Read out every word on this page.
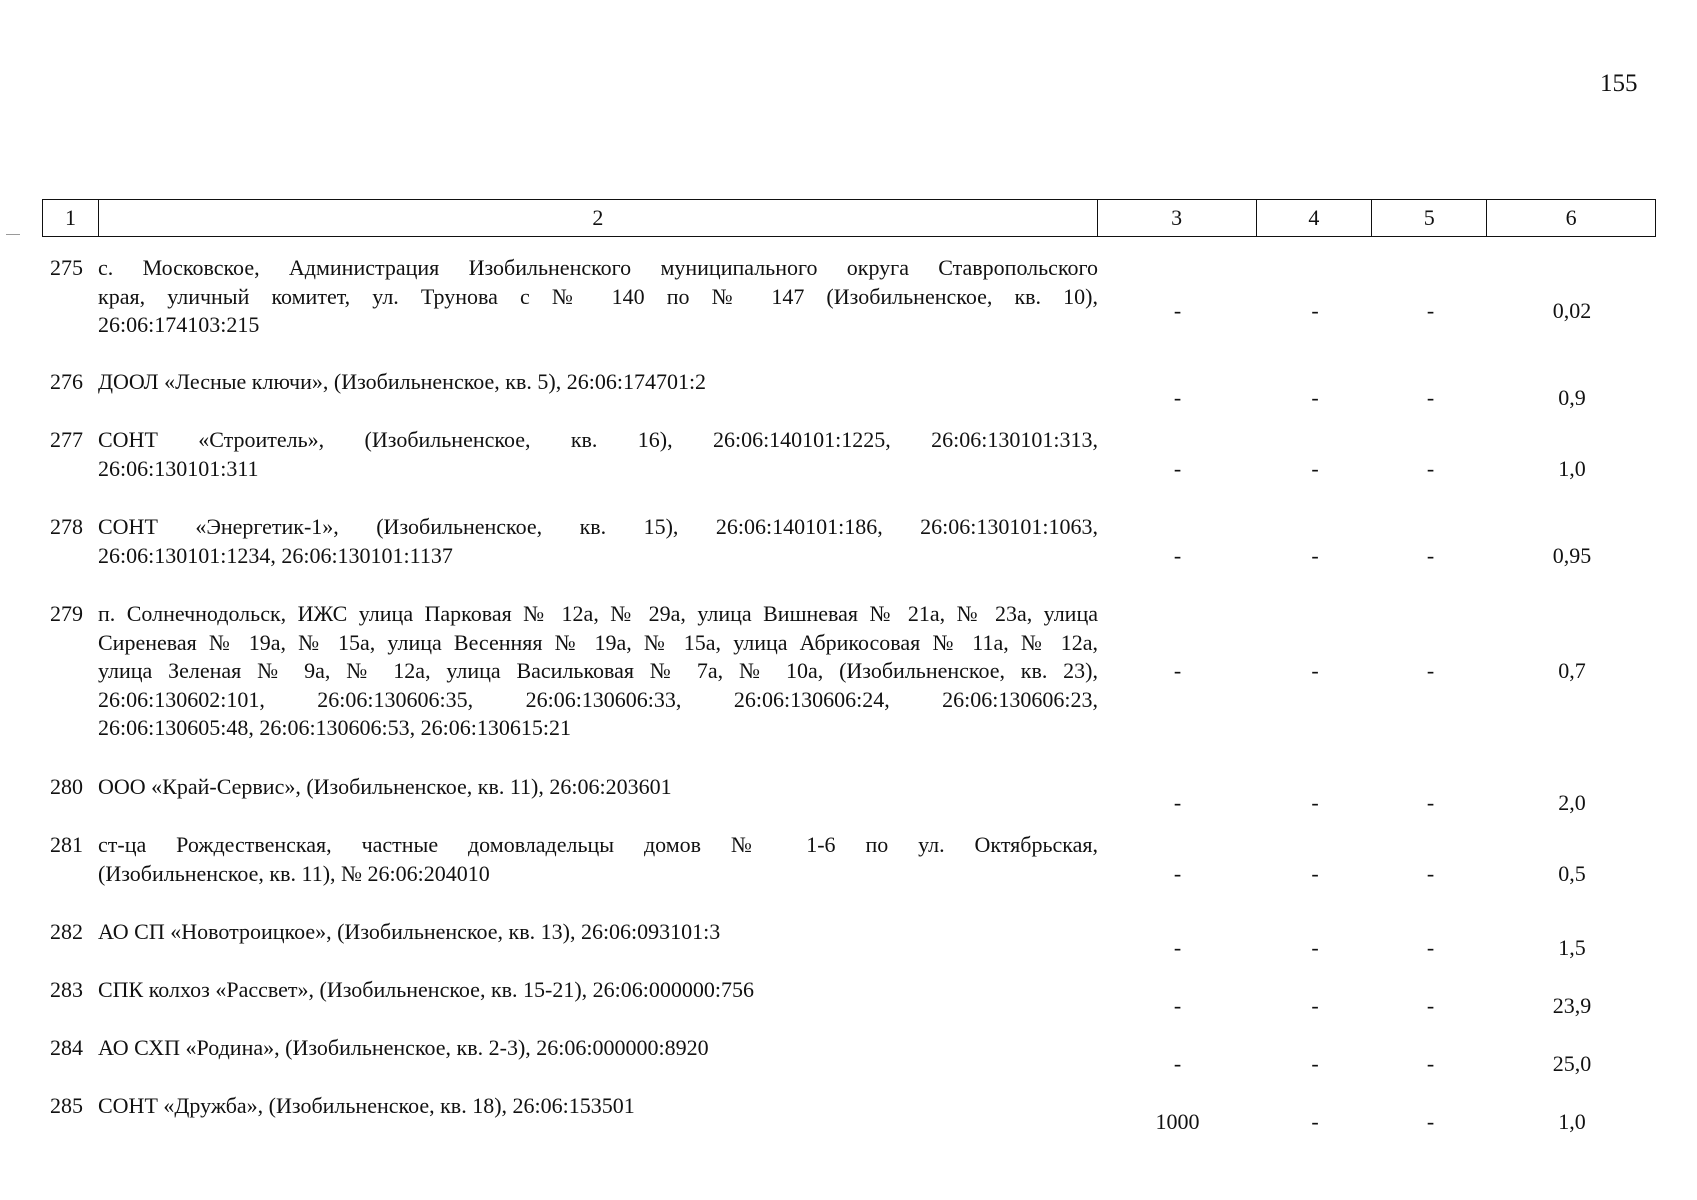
155
1	2	3	4	5	6
275 с. Московское, Администрация Изобильненского муниципального округа Ставропольского
края, уличный комитет, ул. Трунова с № 140 по № 147 (Изобильненское, кв. 10),
26:06:174103:215
-	-	-	0,02
276 ДООЛ «Лесные ключи», (Изобильненское, кв. 5), 26:06:174701:2
-	-	-	0,9
277 СОНТ «Строитель», (Изобильненское, кв. 16), 26:06:140101:1225, 26:06:130101:313,
26:06:130101:311	-	-	-	1,0
278 СОНТ «Энергетик-1», (Изобильненское, кв. 15), 26:06:140101:186, 26:06:130101:1063,
26:06:130101:1234, 26:06:130101:1137	-	-	-	0,95
279 п. Солнечнодольск, ИЖС улица Парковая № 12а, № 29а, улица Вишневая № 21а, № 23а, улица
Сиреневая № 19а, № 15а, улица Весенняя № 19а, № 15а, улица Абрикосовая № 11а, № 12а,
улица Зеленая № 9а, № 12а, улица Васильковая № 7а, № 10а, (Изобильненское, кв. 23),
26:06:130602:101, 26:06:130606:35, 26:06:130606:33, 26:06:130606:24, 26:06:130606:23,
26:06:130605:48, 26:06:130606:53, 26:06:130615:21
-	-	-	0,7
280 ООО «Край-Сервис», (Изобильненское, кв. 11), 26:06:203601
-	-	-	2,0
281 ст-ца Рождественская, частные домовладельцы домов № 1-6 по ул. Октябрьская,
(Изобильненское, кв. 11), № 26:06:204010	-	-	-	0,5
282 АО СП «Новотроицкое», (Изобильненское, кв. 13), 26:06:093101:3
-	-	-	1,5
283 СПК колхоз «Рассвет», (Изобильненское, кв. 15-21), 26:06:000000:756
-	-	-	23,9
284 АО СХП «Родина», (Изобильненское, кв. 2-3), 26:06:000000:8920
-	-	-	25,0
285 СОНТ «Дружба», (Изобильненское, кв. 18), 26:06:153501
1000	-	-	1,0
